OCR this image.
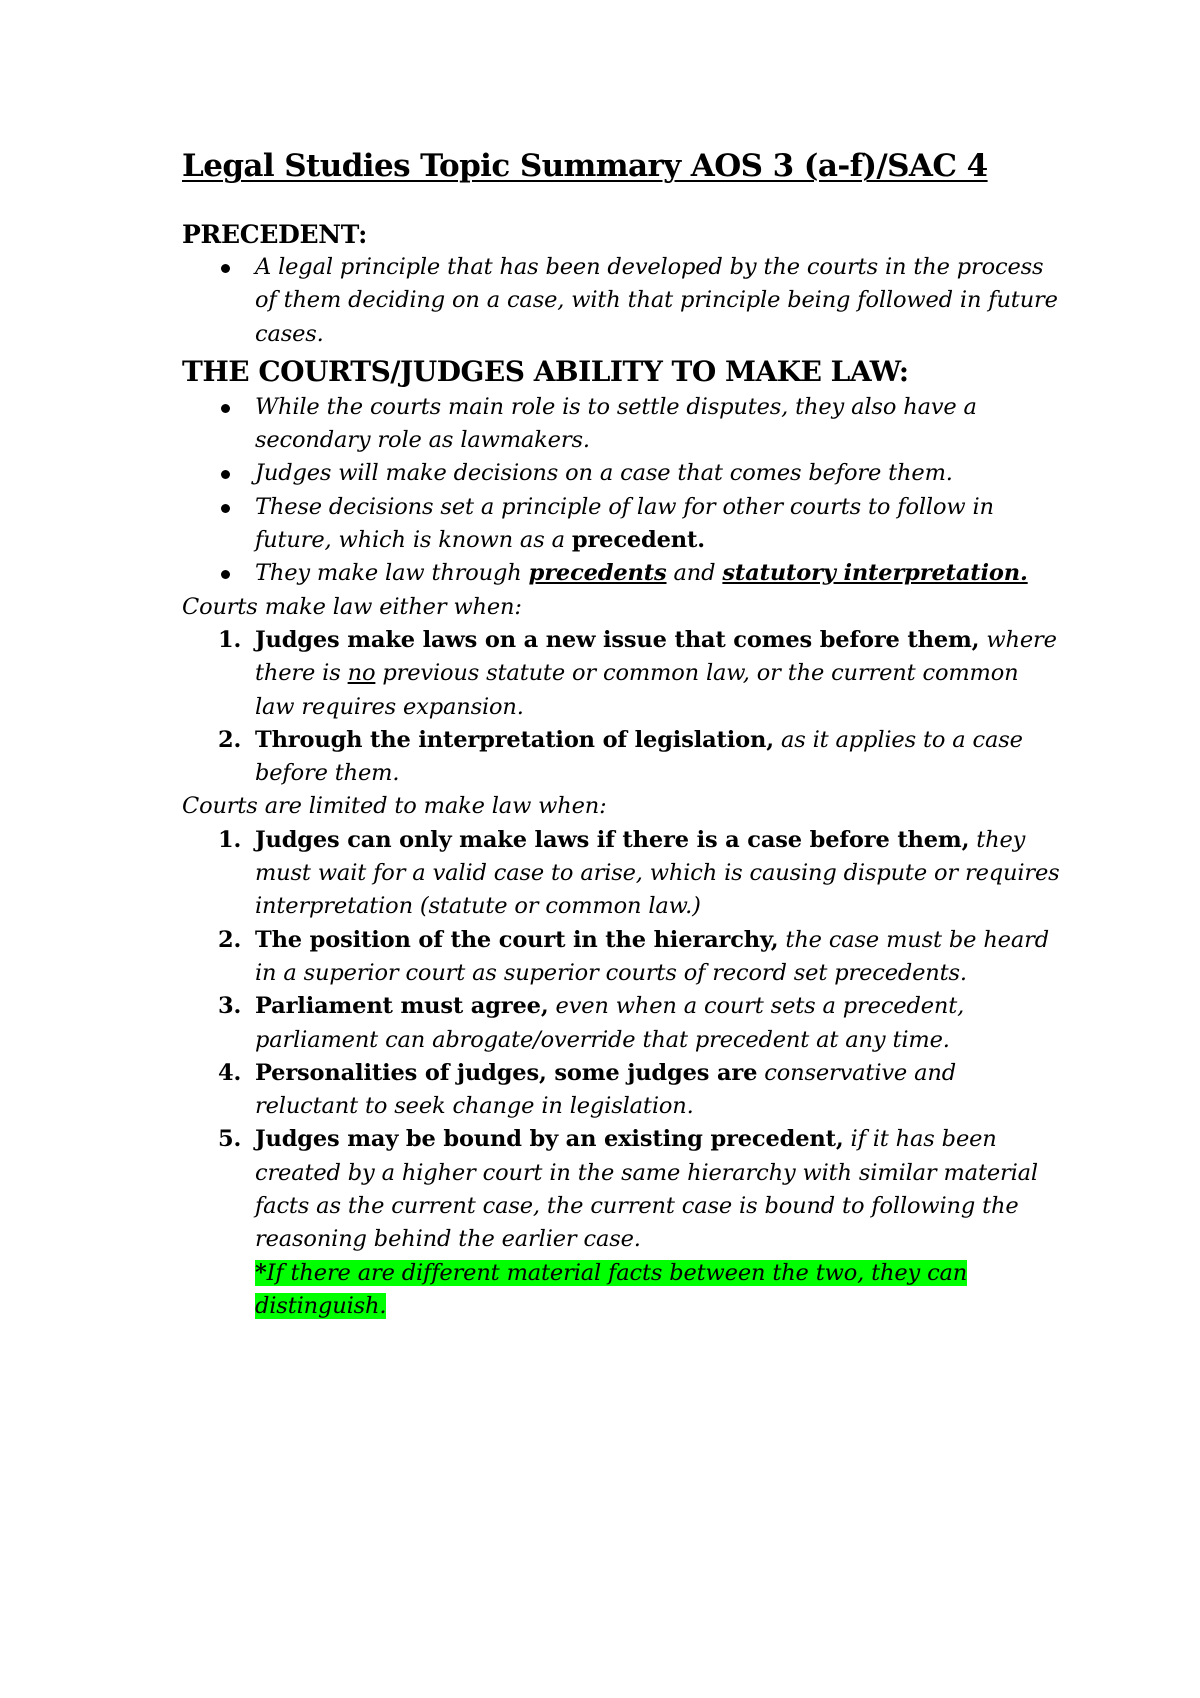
Legal Studies Topic Summary AOS 3 (a-f)/SAC 4
PRECEDENT:
A legal principle that has been developed by the courts in the process of them deciding on a case, with that principle being followed in future cases.
THE COURTS/JUDGES ABILITY TO MAKE LAW:
While the courts main role is to settle disputes, they also have a secondary role as lawmakers.
Judges will make decisions on a case that comes before them.
These decisions set a principle of law for other courts to follow in future, which is known as a precedent.
They make law through precedents and statutory interpretation.

Courts make law either when:

1. Judges make laws on a new issue that comes before them, where there is no previous statute or common law, or the current common law requires expansion.
2. Through the interpretation of legislation, as it applies to a case before them.

Courts are limited to make law when:

1. Judges can only make laws if there is a case before them, they must wait for a valid case to arise, which is causing dispute or requires interpretation (statute or common law.)
2. The position of the court in the hierarchy, the case must be heard in a superior court as superior courts of record set precedents.
3. Parliament must agree, even when a court sets a precedent, parliament can abrogate/override that precedent at any time.
4. Personalities of judges, some judges are conservative and reluctant to seek change in legislation.
5. Judges may be bound by an existing precedent, if it has been created by a higher court in the same hierarchy with similar material facts as the current case, the current case is bound to following the reasoning behind the earlier case.
*If there are different material facts between the two, they can distinguish.
